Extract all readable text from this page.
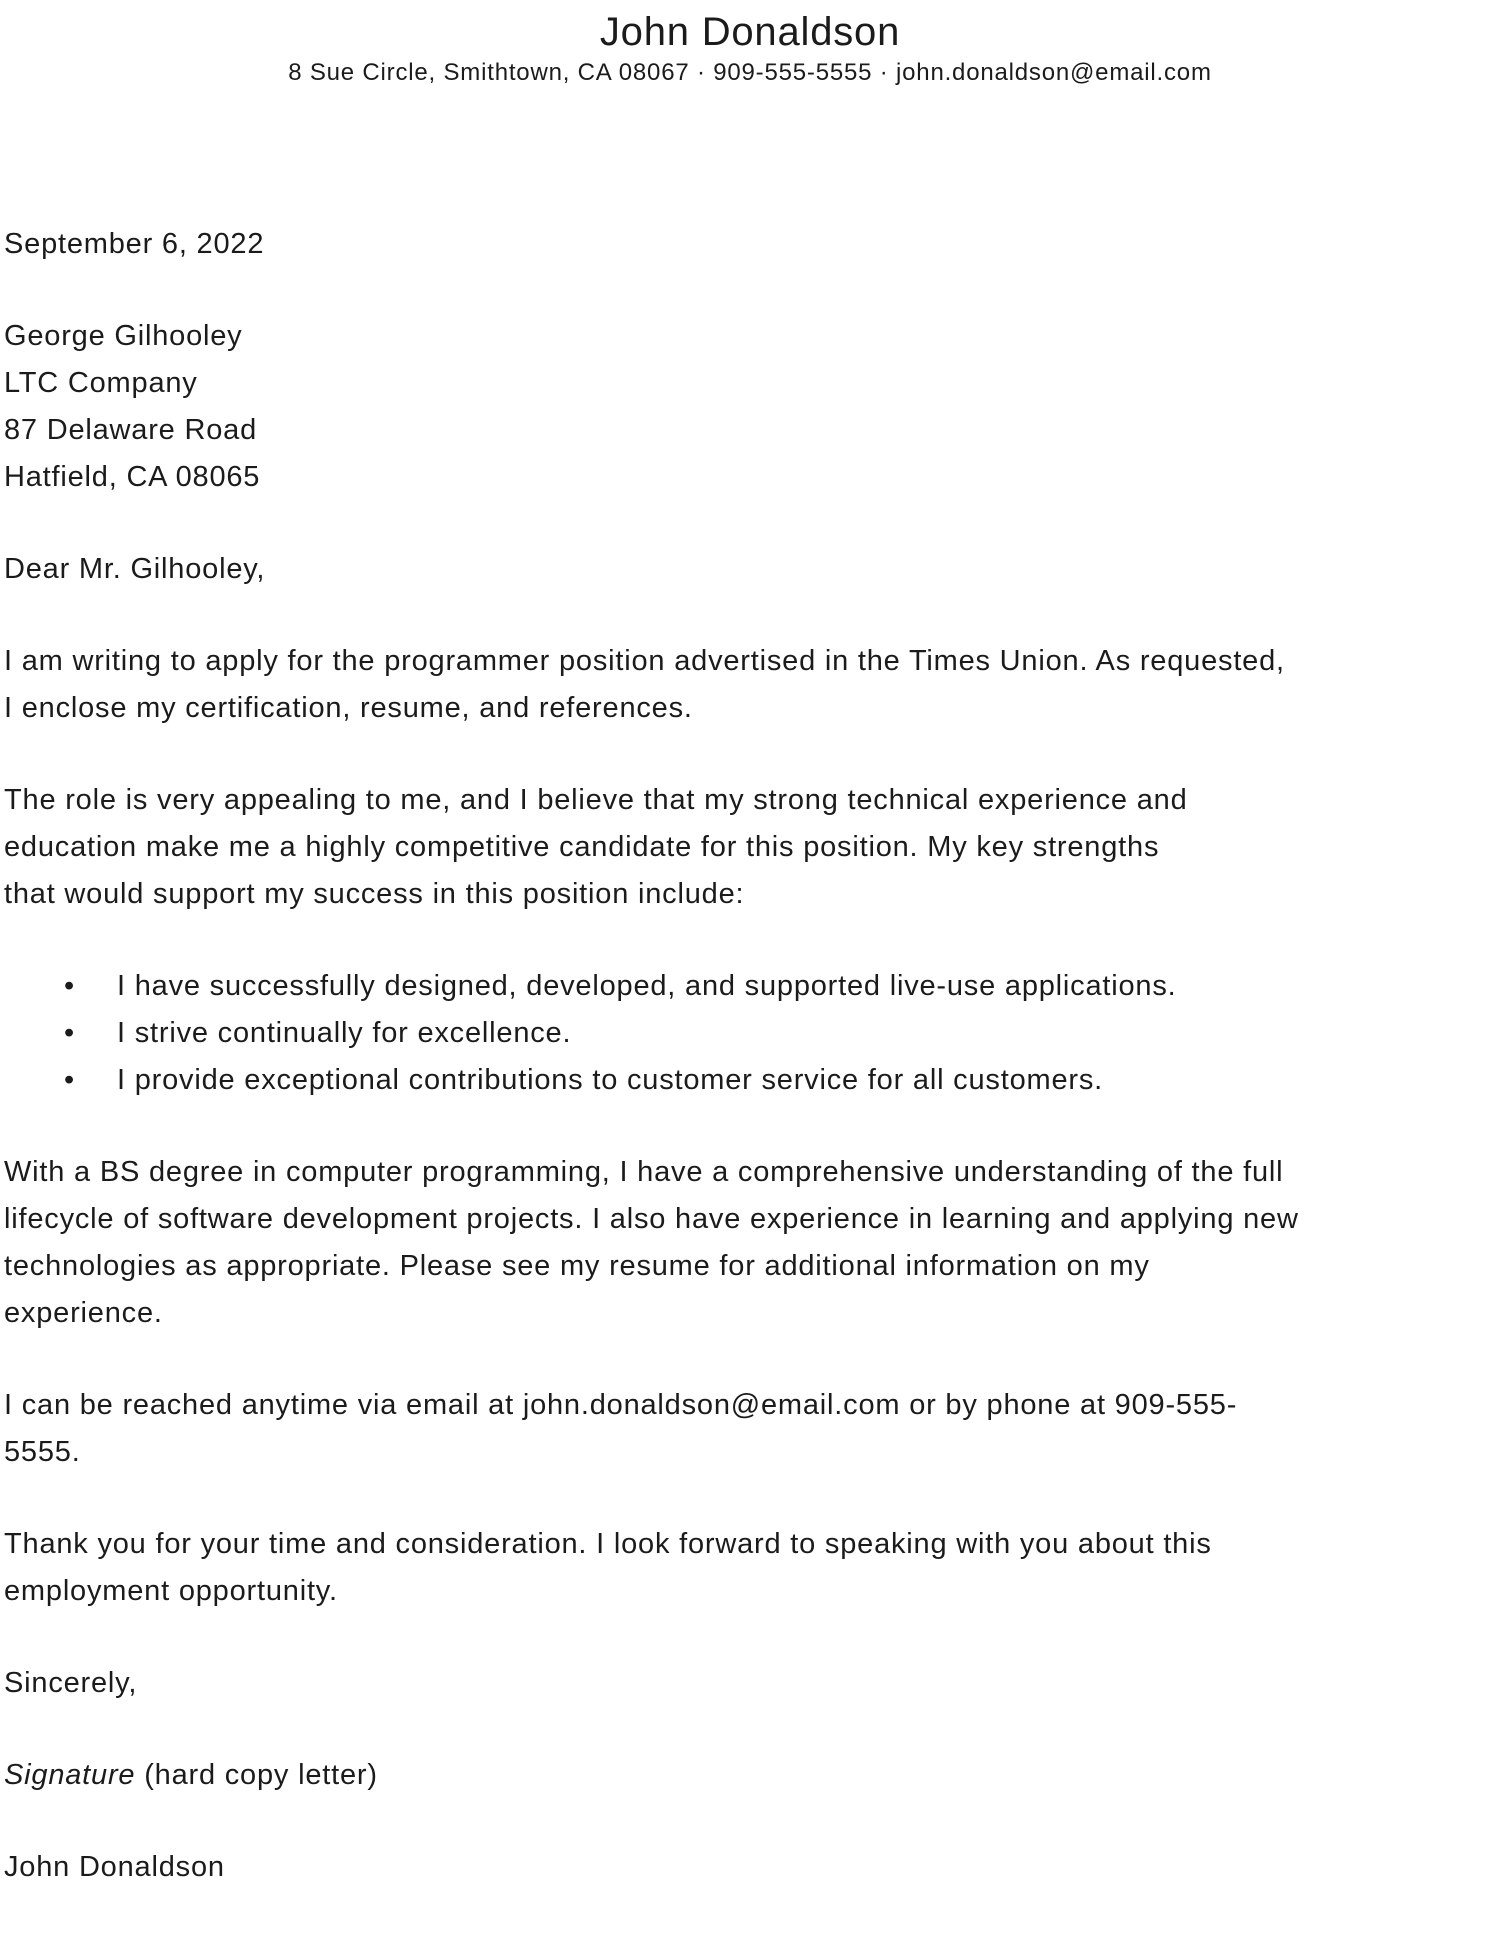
John Donaldson
8 Sue Circle, Smithtown, CA 08067 · 909-555-5555 · john.donaldson@email.com
September 6, 2022
George Gilhooley
LTC Company
87 Delaware Road
Hatfield, CA 08065
Dear Mr. Gilhooley,
I am writing to apply for the programmer position advertised in the Times Union. As requested,
I enclose my certification, resume, and references.
The role is very appealing to me, and I believe that my strong technical experience and
education make me a highly competitive candidate for this position. My key strengths
that would support my success in this position include:
• I have successfully designed, developed, and supported live-use applications.
• I strive continually for excellence.
• I provide exceptional contributions to customer service for all customers.
With a BS degree in computer programming, I have a comprehensive understanding of the full
lifecycle of software development projects. I also have experience in learning and applying new
technologies as appropriate. Please see my resume for additional information on my
experience.
I can be reached anytime via email at john.donaldson@email.com or by phone at 909-555-
5555.
Thank you for your time and consideration. I look forward to speaking with you about this
employment opportunity.
Sincerely,
Signature (hard copy letter)
John Donaldson
